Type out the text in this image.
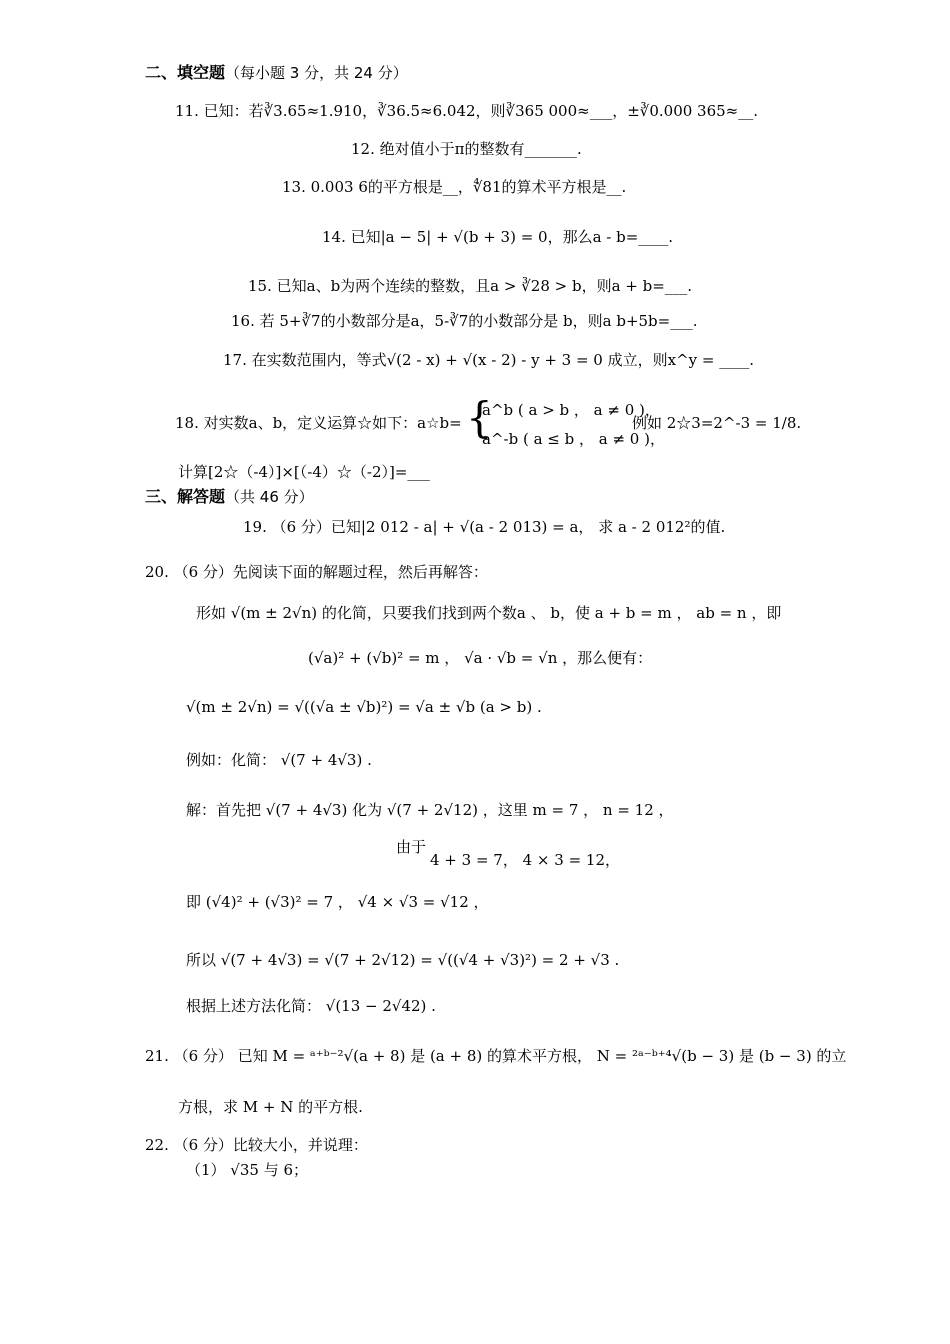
二、填空题（每小题 3 分，共 24 分）
11. 已知：若∛3.65≈1.910，∛36.5≈6.042，则∛365 000≈___，±∛0.000 365≈__.
12. 绝对值小于π的整数有_______.
13. 0.003 6的平方根是__，∜81的算术平方根是__.
14. 已知|a − 5| + √(b + 3) = 0，那么a - b=____.
15. 已知a、b为两个连续的整数，且a > ∛28 > b，则a + b=___.
16. 若 5+∛7的小数部分是a，5-∛7的小数部分是 b，则a b+5b=___.
17. 在实数范围内，等式√(2 - x) + √(x - 2) - y + 3 = 0 成立，则x^y = ____.
18. 对实数a、b，定义运算☆如下：a☆b= {
a^b ( a > b ， a ≠ 0 )，
a^-b ( a ≤ b ， a ≠ 0 )，
例如 2☆3=2^-3 = 1/8.
计算[2☆（-4）]×[（-4）☆（-2）]=___
三、解答题（共 46 分）
19. （6 分）已知|2 012 - a| + √(a - 2 013) = a， 求 a - 2 012²的值.
20. （6 分）先阅读下面的解题过程，然后再解答：
形如 √(m ± 2√n) 的化简，只要我们找到两个数a 、 b，使 a + b = m ， ab = n ，即
(√a)² + (√b)² = m ， √a · √b = √n ，那么便有：
√(m ± 2√n) = √((√a ± √b)²) = √a ± √b (a > b) .
例如：化简： √(7 + 4√3) .
解：首先把 √(7 + 4√3) 化为 √(7 + 2√12) ，这里 m = 7 ， n = 12 ，
由于
4 + 3 = 7， 4 × 3 = 12，
即 (√4)² + (√3)² = 7 ， √4 × √3 = √12 ，
所以 √(7 + 4√3) = √(7 + 2√12) = √((√4 + √3)²) = 2 + √3 .
根据上述方法化简： √(13 − 2√42) .
21. （6 分） 已知 M = ᵃ⁺ᵇ⁻²√(a + 8) 是 (a + 8) 的算术平方根， N = ²ᵃ⁻ᵇ⁺⁴√(b − 3) 是 (b − 3) 的立
方根，求 M + N 的平方根.
22. （6 分）比较大小，并说理：
（1） √35 与 6；
